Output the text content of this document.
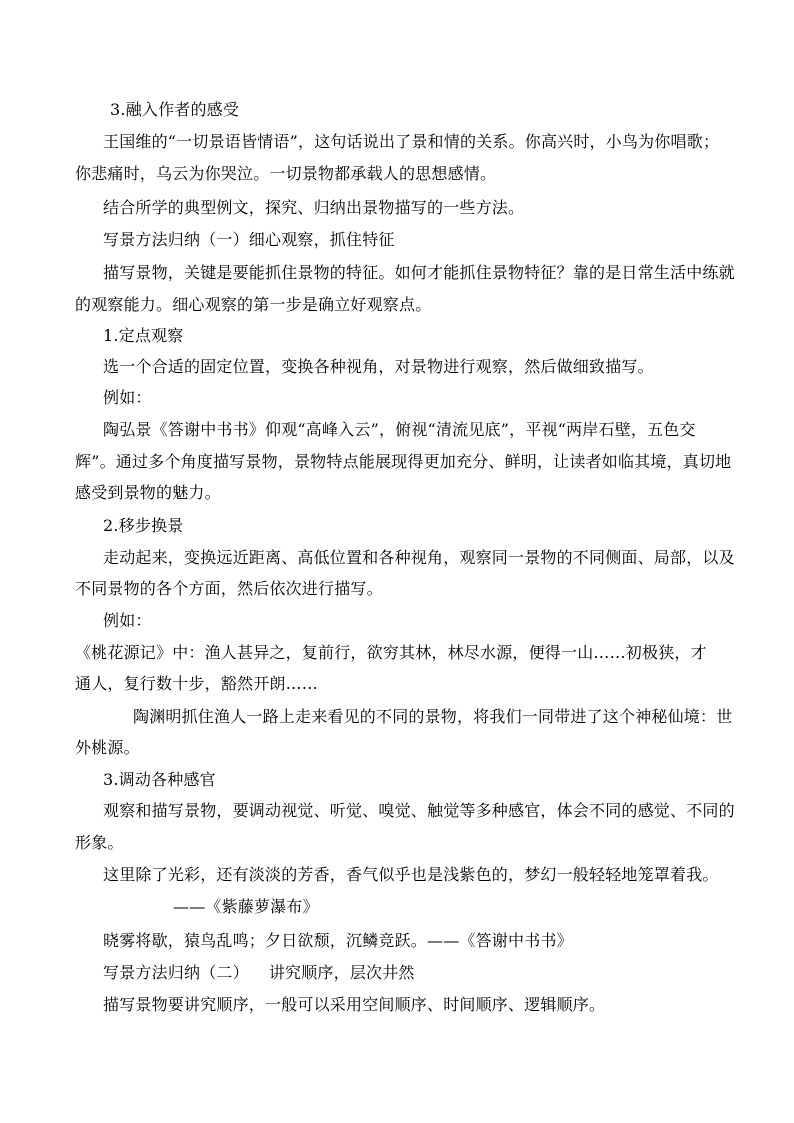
3.融入作者的感受

王国维的“一切景语皆情语”，这句话说出了景和情的关系。你高兴时，小鸟为你唱歌；

你悲痛时，乌云为你哭泣。一切景物都承载人的思想感情。

结合所学的典型例文，探究、归纳出景物描写的一些方法。

写景方法归纳（一）细心观察，抓住特征

描写景物，关键是要能抓住景物的特征。如何才能抓住景物特征？靠的是日常生活中练就

的观察能力。细心观察的第一步是确立好观察点。

1.定点观察

选一个合适的固定位置，变换各种视角，对景物进行观察，然后做细致描写。

例如：

陶弘景《答谢中书书》仰观“高峰入云”，俯视“清流见底”，平视“两岸石壁，五色交

辉”。通过多个角度描写景物，景物特点能展现得更加充分、鲜明，让读者如临其境，真切地

感受到景物的魅力。

2.移步换景

走动起来，变换远近距离、高低位置和各种视角，观察同一景物的不同侧面、局部，以及

不同景物的各个方面，然后依次进行描写。

例如：

《桃花源记》中：渔人甚异之，复前行，欲穷其林，林尽水源，便得一山……初极狭，才

通人，复行数十步，豁然开朗……

陶渊明抓住渔人一路上走来看见的不同的景物，将我们一同带进了这个神秘仙境：世

外桃源。

3.调动各种感官

观察和描写景物，要调动视觉、听觉、嗅觉、触觉等多种感官，体会不同的感觉、不同的

形象。

这里除了光彩，还有淡淡的芳香，香气似乎也是浅紫色的，梦幻一般轻轻地笼罩着我。

——《紫藤萝瀑布》

晓雾将歇，猿鸟乱鸣；夕日欲颓，沉鳞竞跃。——《答谢中书书》

写景方法归纳（二） 讲究顺序，层次井然

描写景物要讲究顺序，一般可以采用空间顺序、时间顺序、逻辑顺序。
